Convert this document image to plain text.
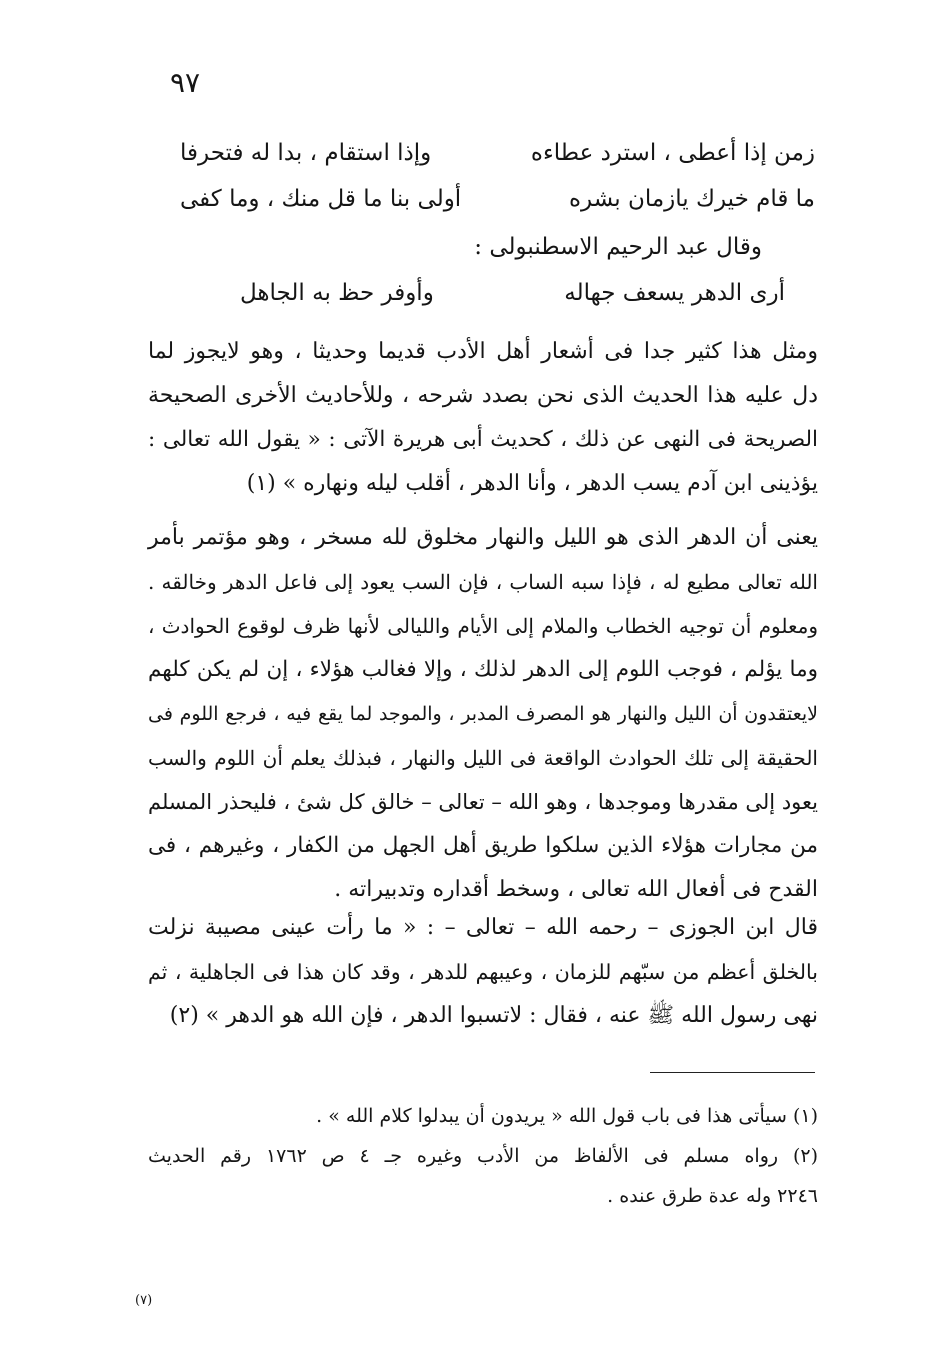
٩٧
زمن إذا أعطى ، استرد عطاءه
وإذا استقام ، بدا له فتحرفا
ما قام خيرك يازمان بشره
أولى بنا ما قل منك ، وما كفى
وقال عبد الرحيم الاسطنبولى :
أرى الدهر يسعف جهاله
وأوفر حظ به الجاهل
ومثل هذا كثير جدا فى أشعار أهل الأدب قديما وحديثا ، وهو لايجوز لما
دل عليه هذا الحديث الذى نحن بصدد شرحه ، وللأحاديث الأخرى الصحيحة
الصريحة فى النهى عن ذلك ، كحديث أبى هريرة الآتى : « يقول الله تعالى :
يؤذينى ابن آدم يسب الدهر ، وأنا الدهر ، أقلب ليله ونهاره » (١)
يعنى أن الدهر الذى هو الليل والنهار مخلوق لله مسخر ، وهو مؤتمر بأمر
الله تعالى مطيع له ، فإذا سبه الساب ، فإن السب يعود إلى فاعل الدهر وخالقه .
ومعلوم أن توجيه الخطاب والملام إلى الأيام والليالى لأنها ظرف لوقوع الحوادث ،
وما يؤلم ، فوجب اللوم إلى الدهر لذلك ، وإلا فغالب هؤلاء ، إن لم يكن كلهم
لايعتقدون أن الليل والنهار هو المصرف المدبر ، والموجد لما يقع فيه ، فرجع اللوم فى
الحقيقة إلى تلك الحوادث الواقعة فى الليل والنهار ، فبذلك يعلم أن اللوم والسب
يعود إلى مقدرها وموجدها ، وهو الله – تعالى – خالق كل شئ ، فليحذر المسلم
من مجارات هؤلاء الذين سلكوا طريق أهل الجهل من الكفار ، وغيرهم ، فى
القدح فى أفعال الله تعالى ، وسخط أقداره وتدبيراته .
قال ابن الجوزى – رحمه الله – تعالى – : « ما رأت عينى مصيبة نزلت
بالخلق أعظم من سبّهم للزمان ، وعيبهم للدهر ، وقد كان هذا فى الجاهلية ، ثم
نهى رسول الله ﷺ عنه ، فقال : لاتسبوا الدهر ، فإن الله هو الدهر » (٢)
(١) سيأتى هذا فى باب قول الله « يريدون أن يبدلوا كلام الله » .
(٢) رواه مسلم فى الألفاظ من الأدب وغيره جـ ٤ ص ١٧٦٢ رقم الحديث
٢٢٤٦ وله عدة طرق عنده .
(٧)
